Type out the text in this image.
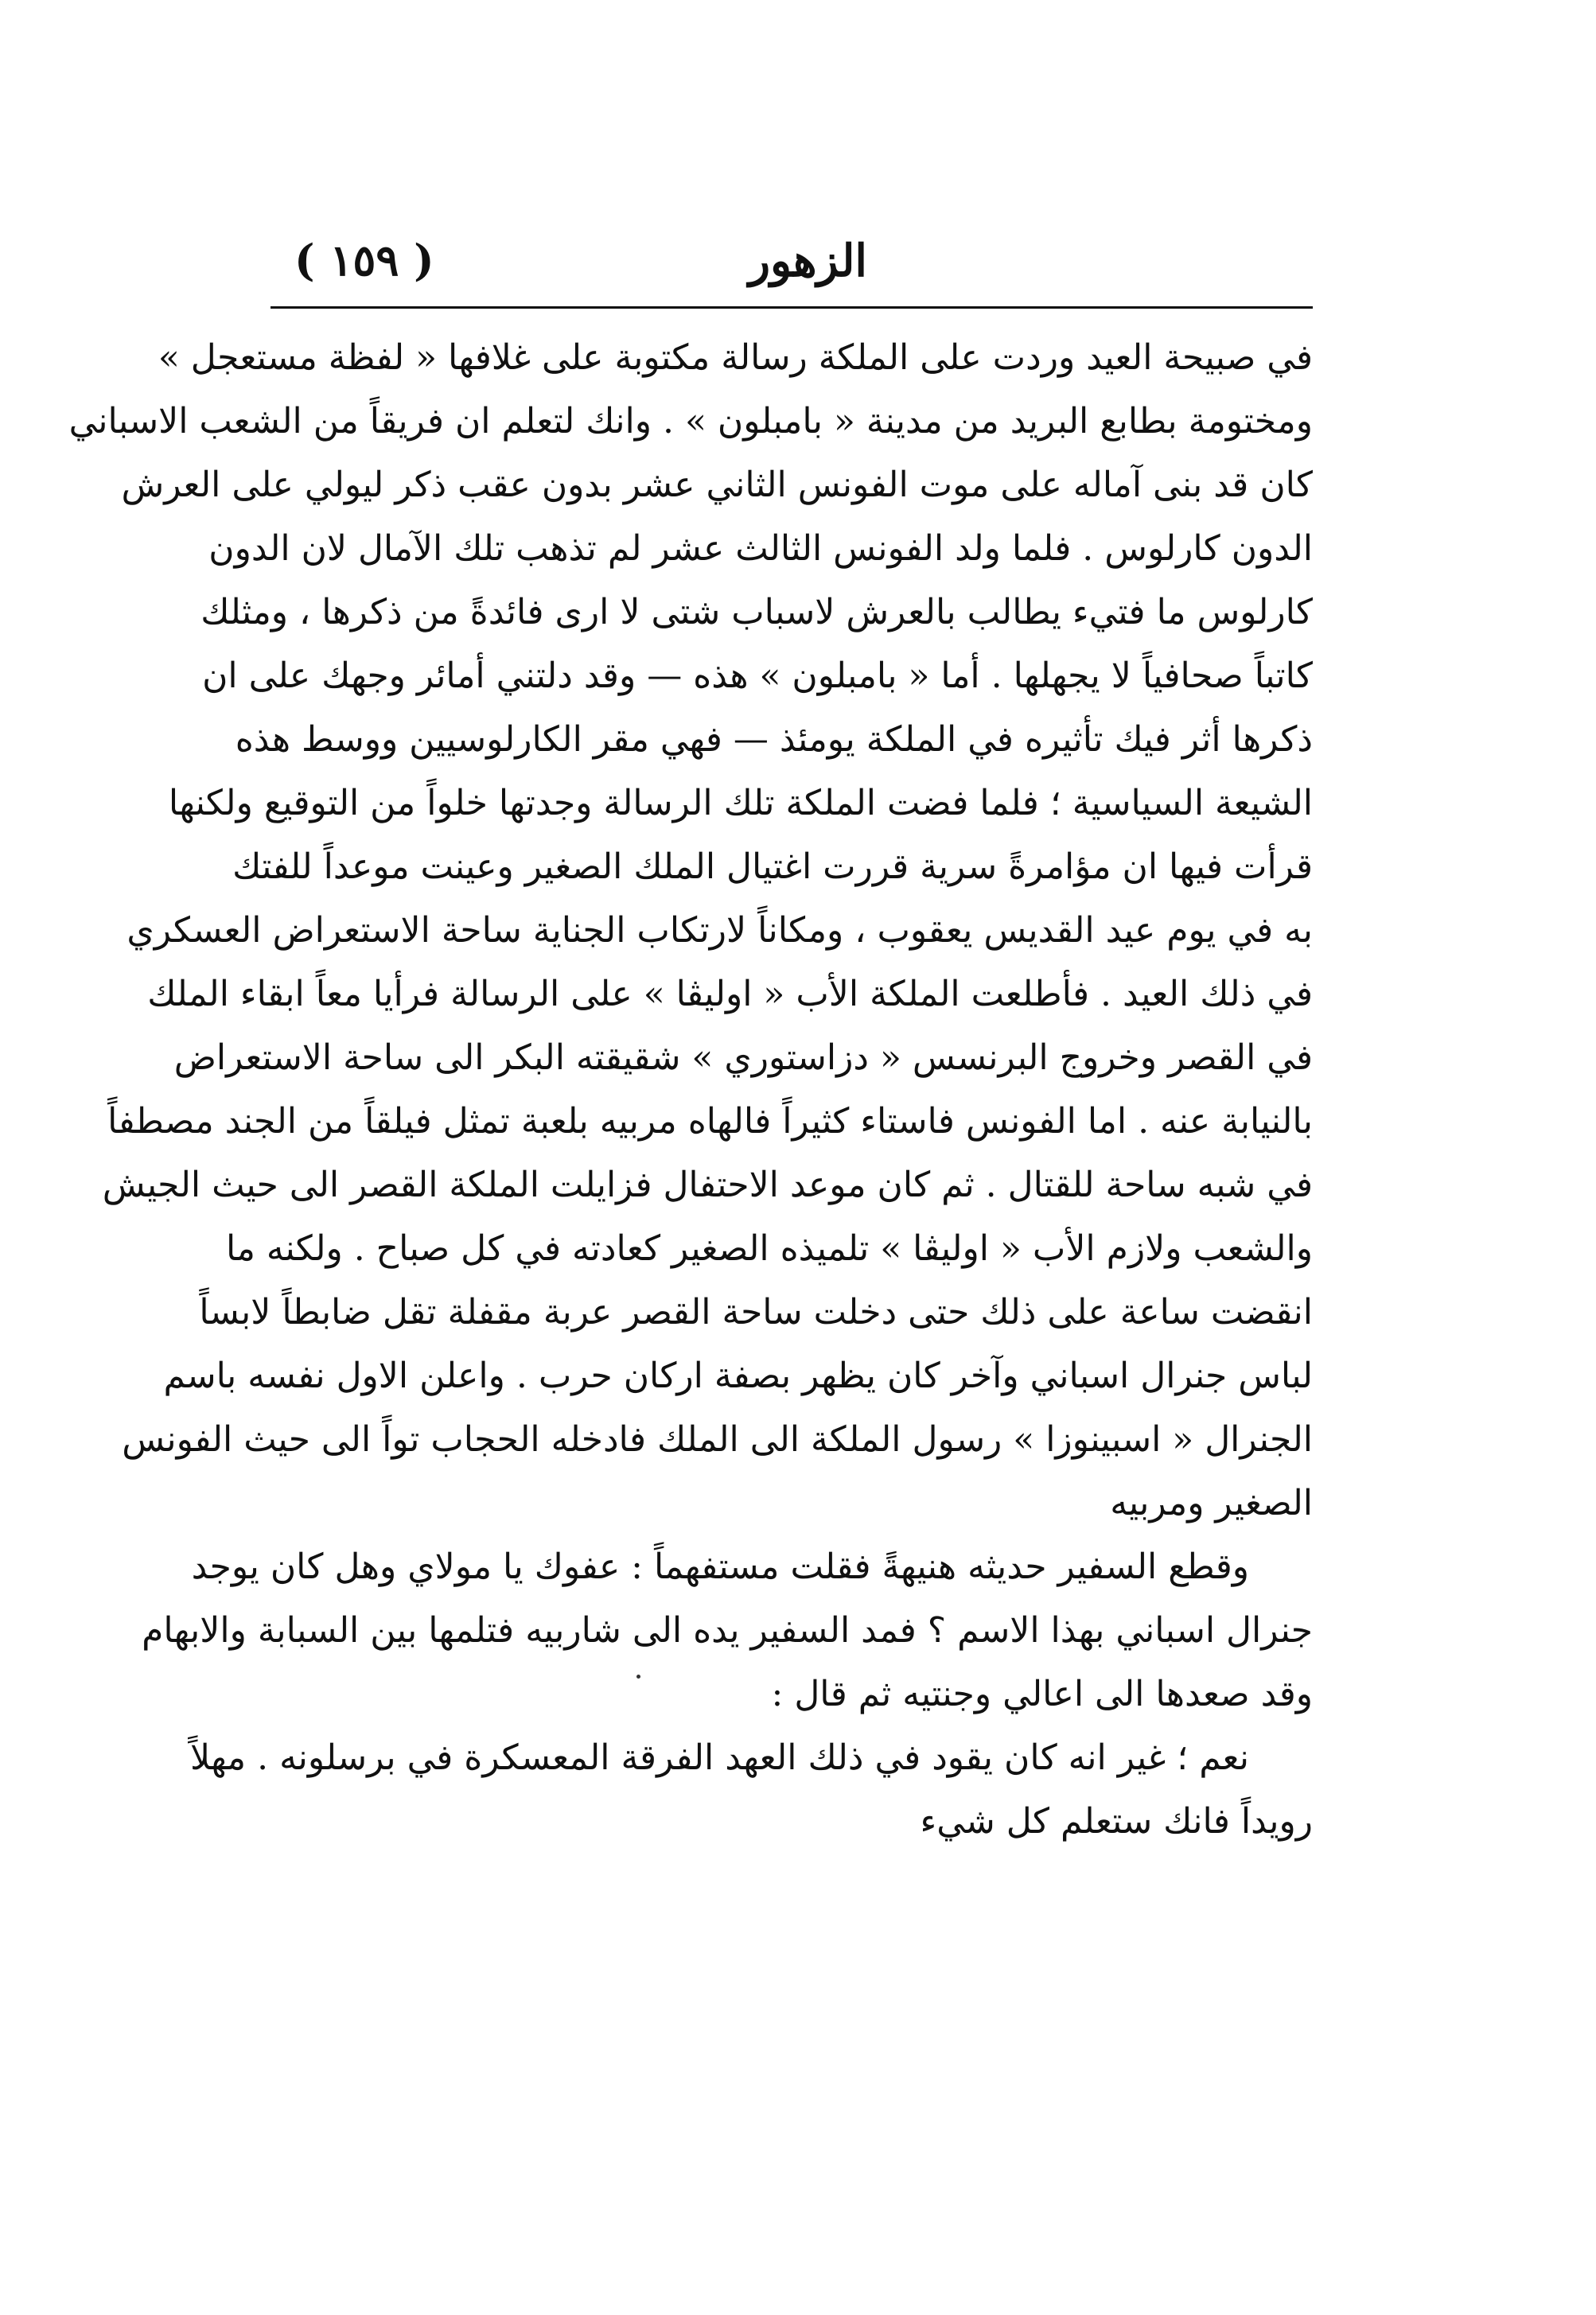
الزهور
( ١٥٩ )
في صبيحة العيد وردت على الملكة رسالة مكتوبة على غلافها « لفظة مستعجل »
ومختومة بطابع البريد من مدينة « بامبلون » . وانك لتعلم ان فريقاً من الشعب الاسباني
كان قد بنى آماله على موت الفونس الثاني عشر بدون عقب ذكر ليولي على العرش
الدون كارلوس . فلما ولد الفونس الثالث عشر لم تذهب تلك الآمال لان الدون
كارلوس ما فتيء يطالب بالعرش لاسباب شتى لا ارى فائدةً من ذكرها ، ومثلك
كاتباً صحافياً لا يجهلها . أما « بامبلون » هذه — وقد دلتني أمائر وجهك على ان
ذكرها أثر فيك تأثيره في الملكة يومئذ — فهي مقر الكارلوسيين ووسط هذه
الشيعة السياسية ؛ فلما فضت الملكة تلك الرسالة وجدتها خلواً من التوقيع ولكنها
قرأت فيها ان مؤامرةً سرية قررت اغتيال الملك الصغير وعينت موعداً للفتك
به في يوم عيد القديس يعقوب ، ومكاناً لارتكاب الجناية ساحة الاستعراض العسكري
في ذلك العيد . فأطلعت الملكة الأب « اوليڤا » على الرسالة فرأيا معاً ابقاء الملك
في القصر وخروج البرنسس « دزاستوري » شقيقته البكر الى ساحة الاستعراض
بالنيابة عنه . اما الفونس فاستاء كثيراً فالهاه مربيه بلعبة تمثل فيلقاً من الجند مصطفاً
في شبه ساحة للقتال . ثم كان موعد الاحتفال فزايلت الملكة القصر الى حيث الجيش
والشعب ولازم الأب « اوليڤا » تلميذه الصغير كعادته في كل صباح . ولكنه ما
انقضت ساعة على ذلك حتى دخلت ساحة القصر عربة مقفلة تقل ضابطاً لابساً
لباس جنرال اسباني وآخر كان يظهر بصفة اركان حرب . واعلن الاول نفسه باسم
الجنرال « اسبينوزا » رسول الملكة الى الملك فادخله الحجاب تواً الى حيث الفونس
الصغير ومربيه
وقطع السفير حديثه هنيهةً فقلت مستفهماً : عفوك يا مولاي وهل كان يوجد
جنرال اسباني بهذا الاسم ؟ فمد السفير يده الى شاربيه فتلمها بين السبابة والابهام
وقد صعدها الى اعالي وجنتيه ثم قال :
نعم ؛ غير انه كان يقود في ذلك العهد الفرقة المعسكرة في برسلونه . مهلاً
رويداً فانك ستعلم كل شيء
